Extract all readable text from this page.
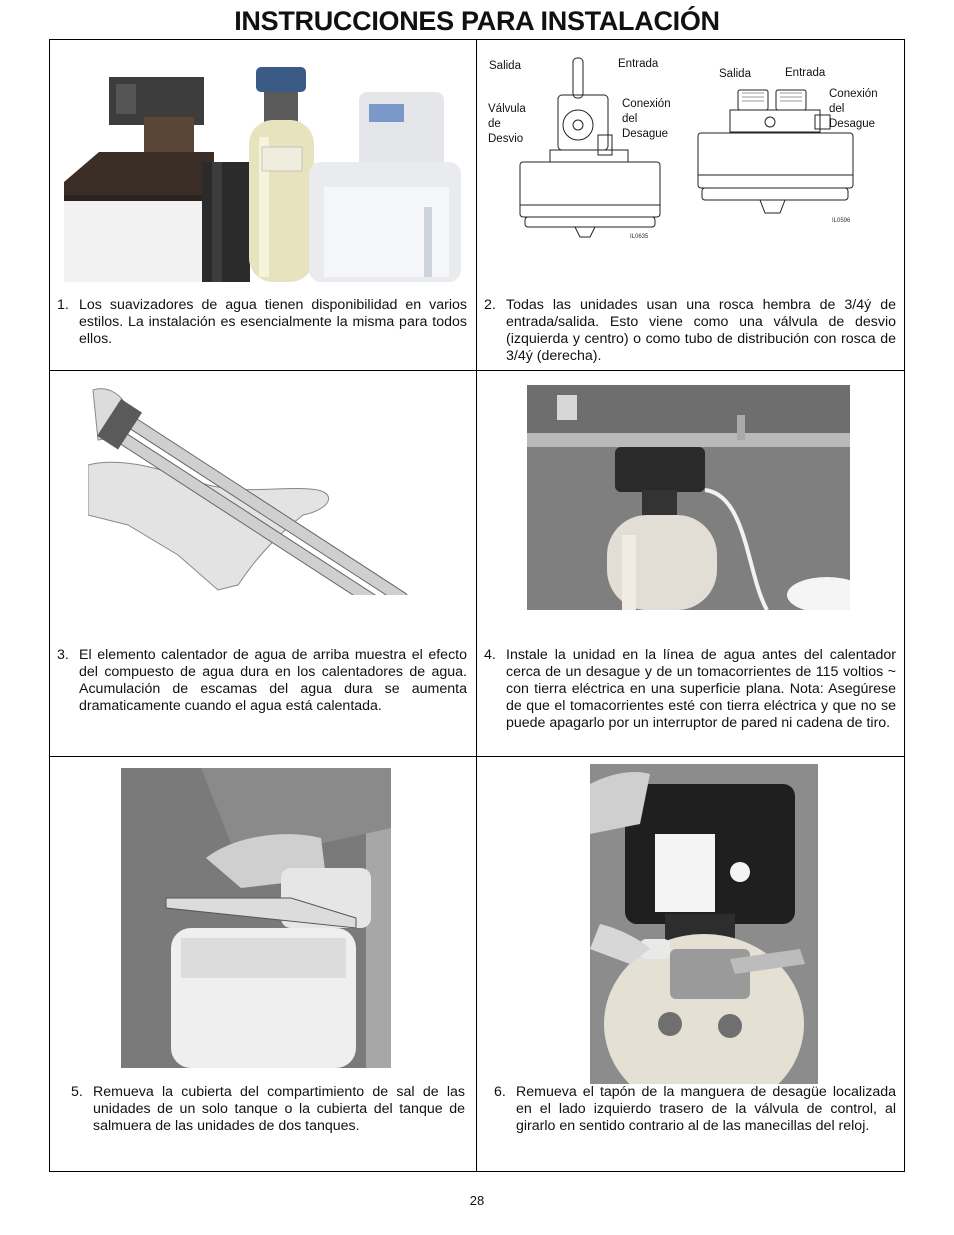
INSTRUCCIONES PARA INSTALACIÓN
Salida	Entrada
Válvula
de
Desvio
Conexión
del
Desague
IL0635
Salida	Entrada
Conexión
del
Desague
IL0596
1. Los suavizadores de agua tienen disponibilidad en varios estilos. La instalación es esencialmente la misma para todos ellos.
2. Todas las unidades usan una rosca hembra de 3/4ý de entrada/salida. Esto viene como una válvula de desvio (izquierda y centro) o como tubo de distribución con rosca de 3/4ý (derecha).
3. El elemento calentador de agua de arriba muestra el efecto del compuesto de agua dura en los calentadores de agua. Acumulación de escamas del agua dura se aumenta dramaticamente cuando el agua está calentada.
4. Instale la unidad en la línea de agua antes del calentador cerca de un desague y de un tomacorrientes de 115 voltios ~ con tierra eléctrica en una superficie plana. Nota: Asegúrese de que el tomacorrientes esté con tierra eléctrica y que no se puede apagarlo por un interruptor de pared ni cadena de tiro.
5. Remueva la cubierta del compartimiento de sal de las unidades de un solo tanque o la cubierta del tanque de salmuera de las unidades de dos tanques.
6. Remueva el tapón de la manguera de desagüe localizada en el lado izquierdo trasero de la válvula de control, al girarlo en sentido contrario al de las manecillas del reloj.
28
